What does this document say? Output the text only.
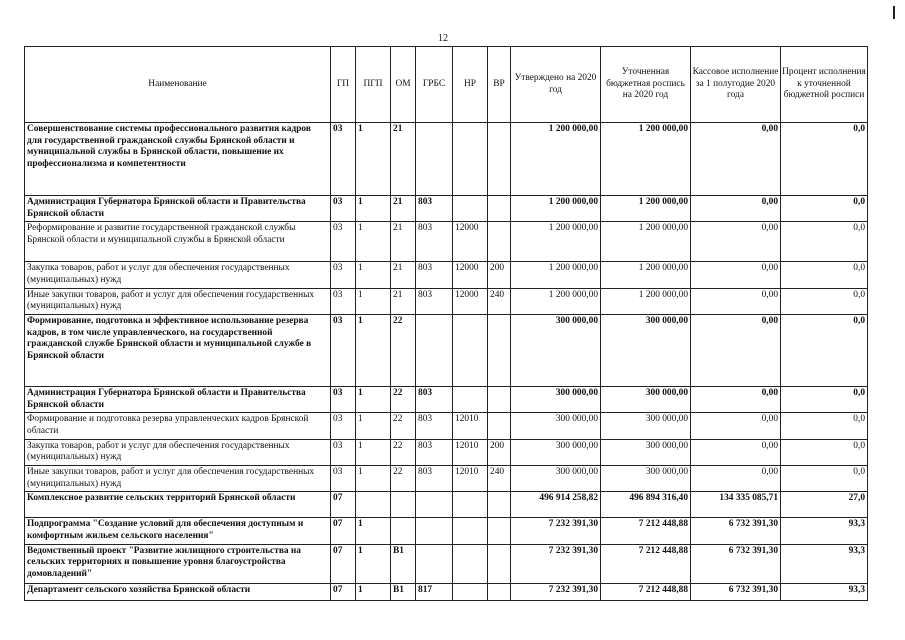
12
Наименование	ГП	ПГП	ОМ	ГРБС	НР	ВР	Утверждено на 2020 год	Уточненная бюджетная роспись на 2020 год	Кассовое исполнение за 1 полугодие 2020 года	Процент исполнения к уточненной бюджетной росписи
Совершенствование системы профессионального развития кадров для государственной гражданской службы Брянской области и муниципальной службы в Брянской области, повышение их профессионализма и компетентности	03	1	21				1 200 000,00	1 200 000,00	0,00	0,0
Администрация Губернатора Брянской области и Правительства Брянской области	03	1	21	803			1 200 000,00	1 200 000,00	0,00	0,0
Реформирование и развитие государственной гражданской службы Брянской области и муниципальной службы в Брянской области	03	1	21	803	12000		1 200 000,00	1 200 000,00	0,00	0,0
Закупка товаров, работ и услуг для обеспечения государственных (муниципальных) нужд	03	1	21	803	12000	200	1 200 000,00	1 200 000,00	0,00	0,0
Иные закупки товаров, работ и услуг для обеспечения государственных (муниципальных) нужд	03	1	21	803	12000	240	1 200 000,00	1 200 000,00	0,00	0,0
Формирование, подготовка и эффективное использование резерва кадров, в том числе управленческого, на государственной гражданской службе Брянской области и муниципальной службе в Брянской области	03	1	22				300 000,00	300 000,00	0,00	0,0
Администрация Губернатора Брянской области и Правительства Брянской области	03	1	22	803			300 000,00	300 000,00	0,00	0,0
Формирование и подготовка резерва управленческих кадров Брянской области	03	1	22	803	12010		300 000,00	300 000,00	0,00	0,0
Закупка товаров, работ и услуг для обеспечения государственных (муниципальных) нужд	03	1	22	803	12010	200	300 000,00	300 000,00	0,00	0,0
Иные закупки товаров, работ и услуг для обеспечения государственных (муниципальных) нужд	03	1	22	803	12010	240	300 000,00	300 000,00	0,00	0,0
Комплексное развитие сельских территорий Брянской области	07						496 914 258,82	496 894 316,40	134 335 085,71	27,0
Подпрограмма "Создание условий для обеспечения доступным и комфортным жильем сельского населения"	07	1					7 232 391,30	7 212 448,88	6 732 391,30	93,3
Ведомственный проект "Развитие жилищного строительства на сельских территориях и повышение уровня благоустройства домовладений"	07	1	В1				7 232 391,30	7 212 448,88	6 732 391,30	93,3
Департамент сельского хозяйства Брянской области	07	1	В1	817			7 232 391,30	7 212 448,88	6 732 391,30	93,3
